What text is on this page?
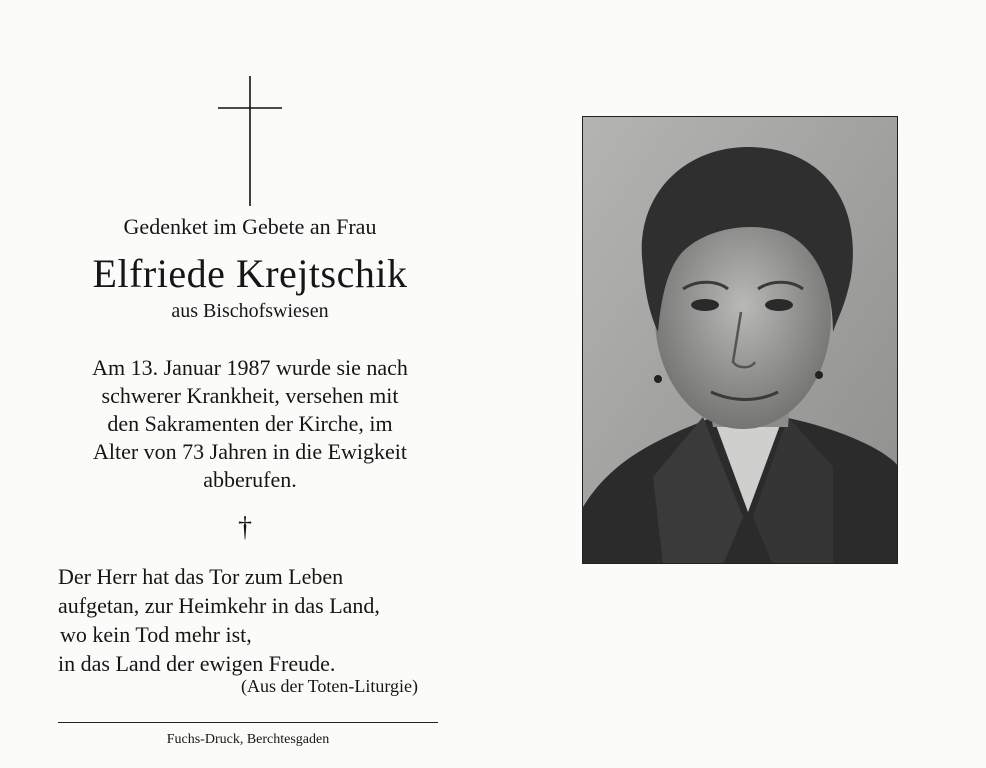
Gedenket im Gebete an Frau
Elfriede Krejtschik
aus Bischofswiesen
Am 13. Januar 1987 wurde sie nach
schwerer Krankheit, versehen mit
den Sakramenten der Kirche, im
Alter von 73 Jahren in die Ewigkeit
abberufen.
†
Der Herr hat das Tor zum Leben
aufgetan, zur Heimkehr in das Land,
wo kein Tod mehr ist,
in das Land der ewigen Freude.
(Aus der Toten-Liturgie)
Fuchs-Druck, Berchtesgaden
